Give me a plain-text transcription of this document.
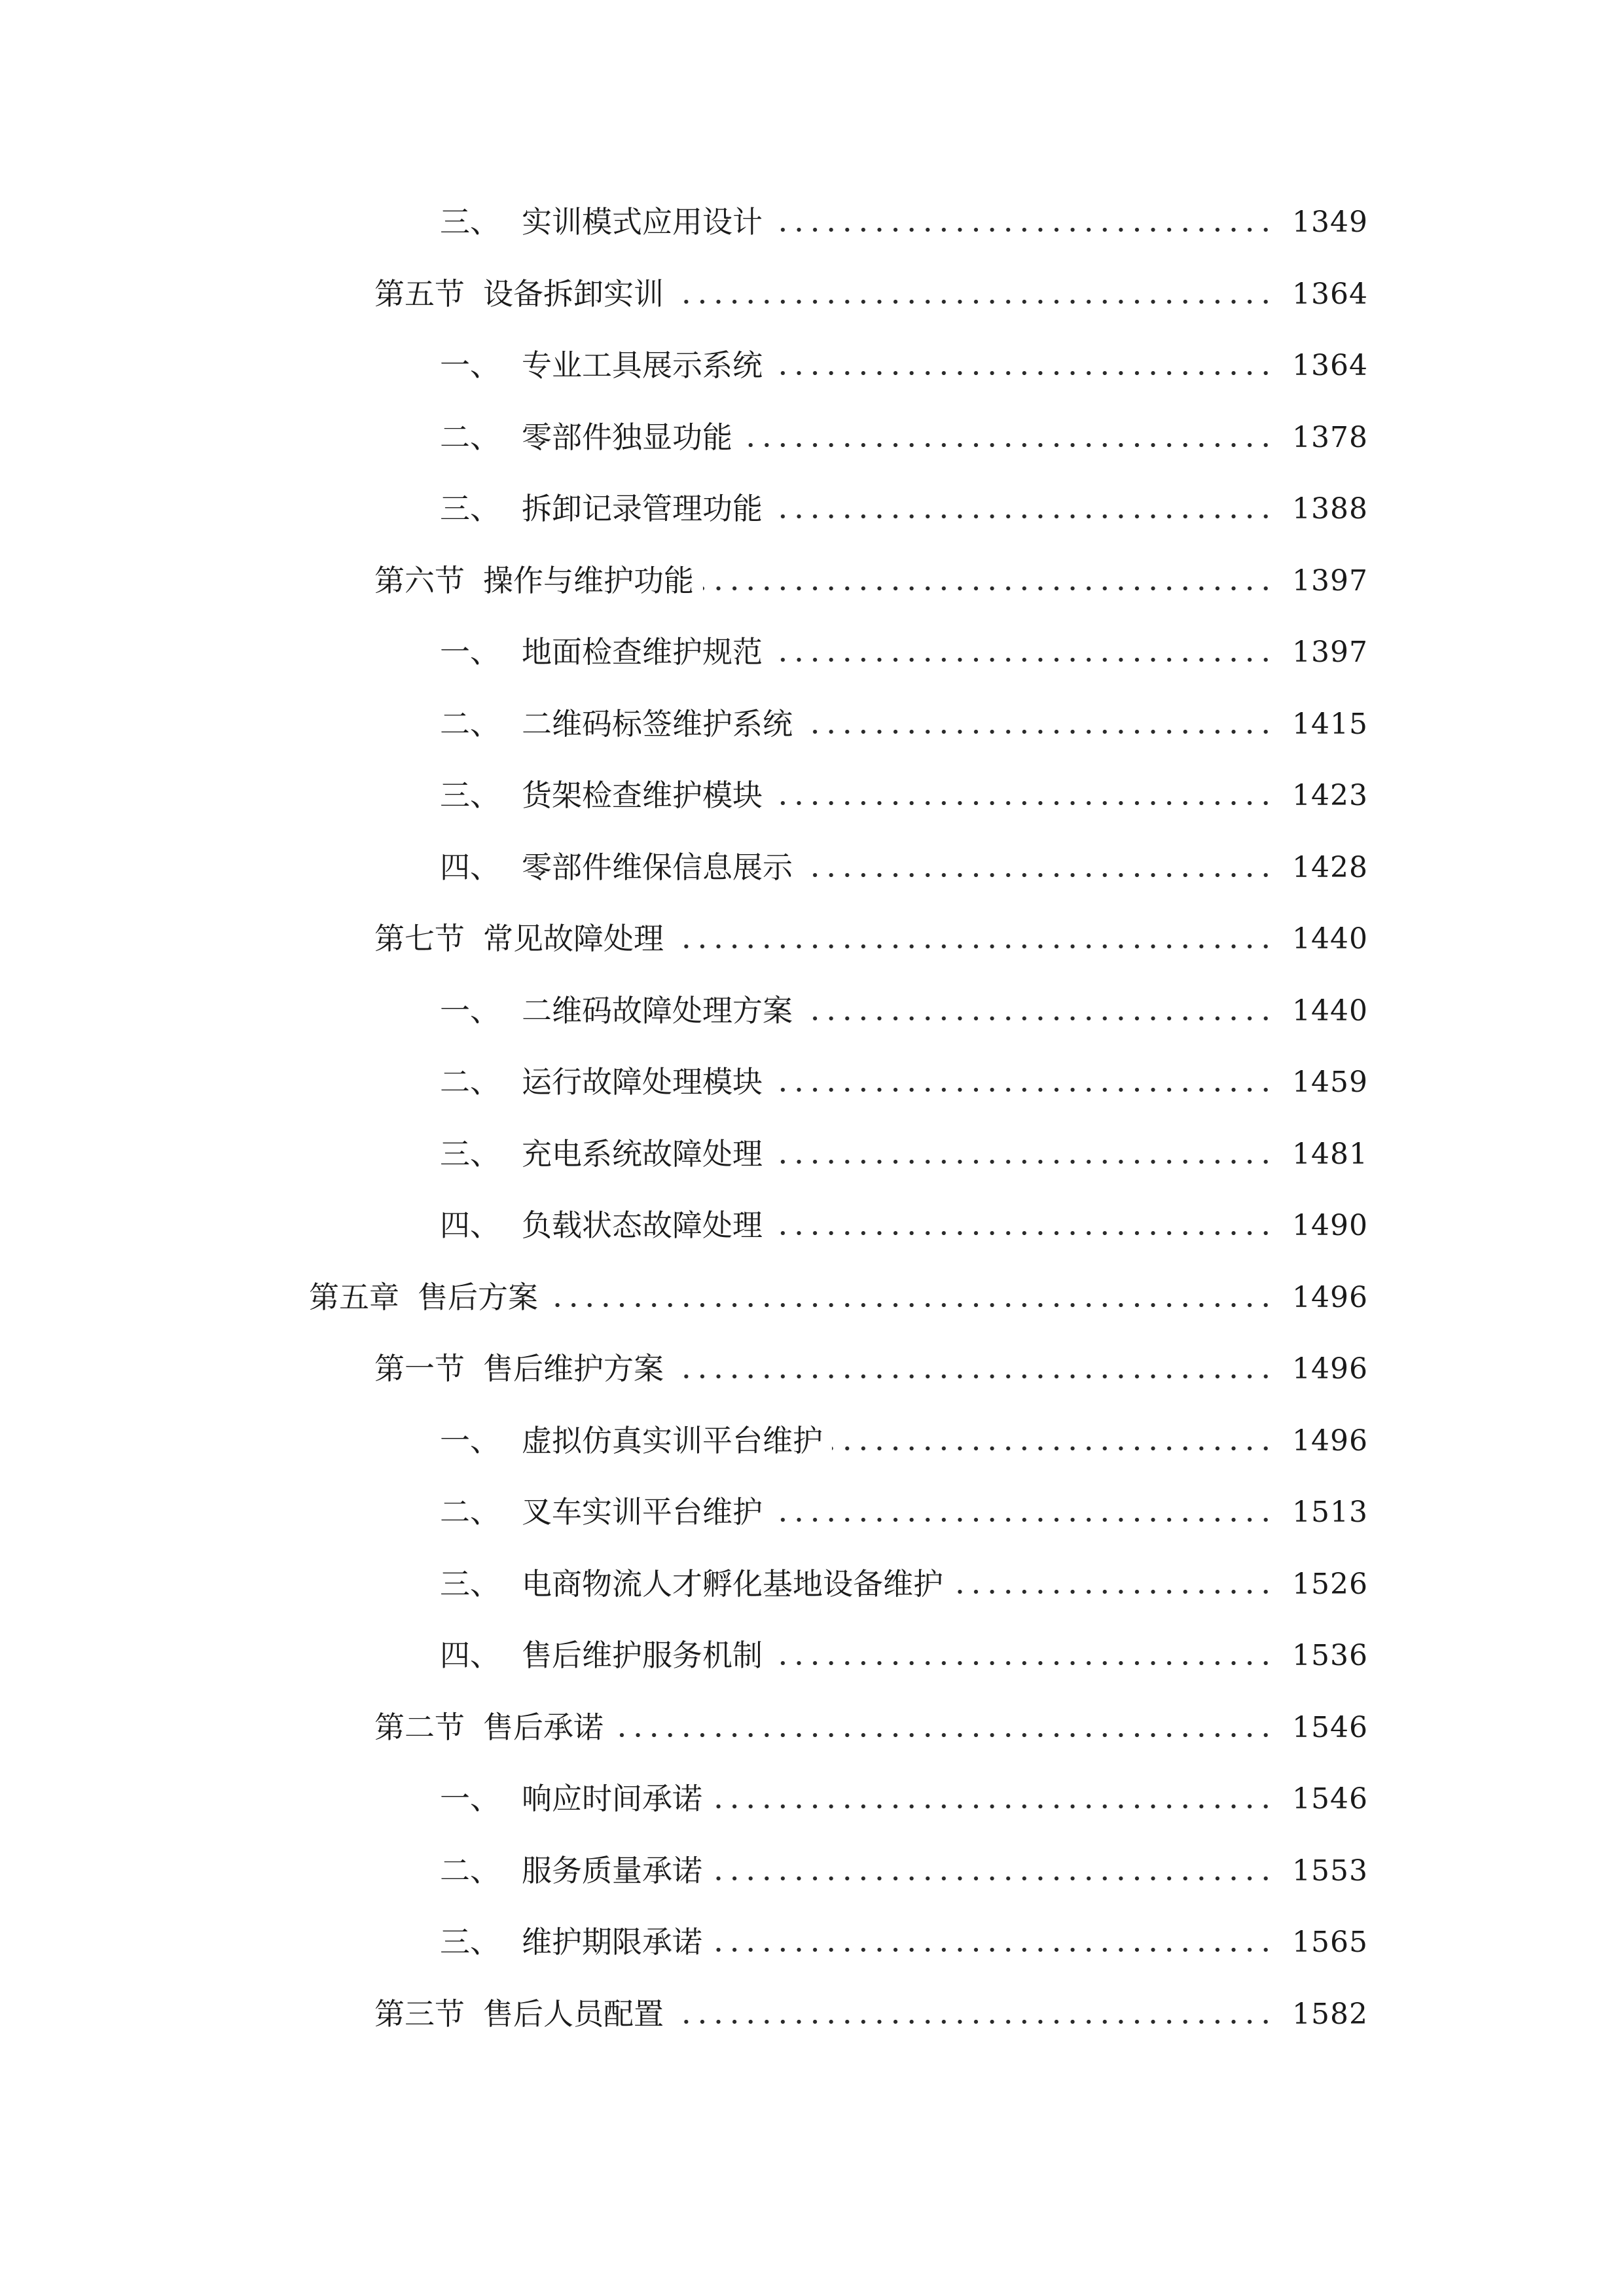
三、 实训模式应用设计	1349
第五节 设备拆卸实训	1364
一、 专业工具展示系统	1364
二、 零部件独显功能	1378
三、 拆卸记录管理功能	1388
第六节 操作与维护功能	1397
一、 地面检查维护规范	1397
二、 二维码标签维护系统	1415
三、 货架检查维护模块	1423
四、 零部件维保信息展示	1428
第七节 常见故障处理	1440
一、 二维码故障处理方案	1440
二、 运行故障处理模块	1459
三、 充电系统故障处理	1481
四、 负载状态故障处理	1490
第五章 售后方案	1496
第一节 售后维护方案	1496
一、 虚拟仿真实训平台维护	1496
二、 叉车实训平台维护	1513
三、 电商物流人才孵化基地设备维护	1526
四、 售后维护服务机制	1536
第二节 售后承诺	1546
一、 响应时间承诺	1546
二、 服务质量承诺	1553
三、 维护期限承诺	1565
第三节 售后人员配置	1582
